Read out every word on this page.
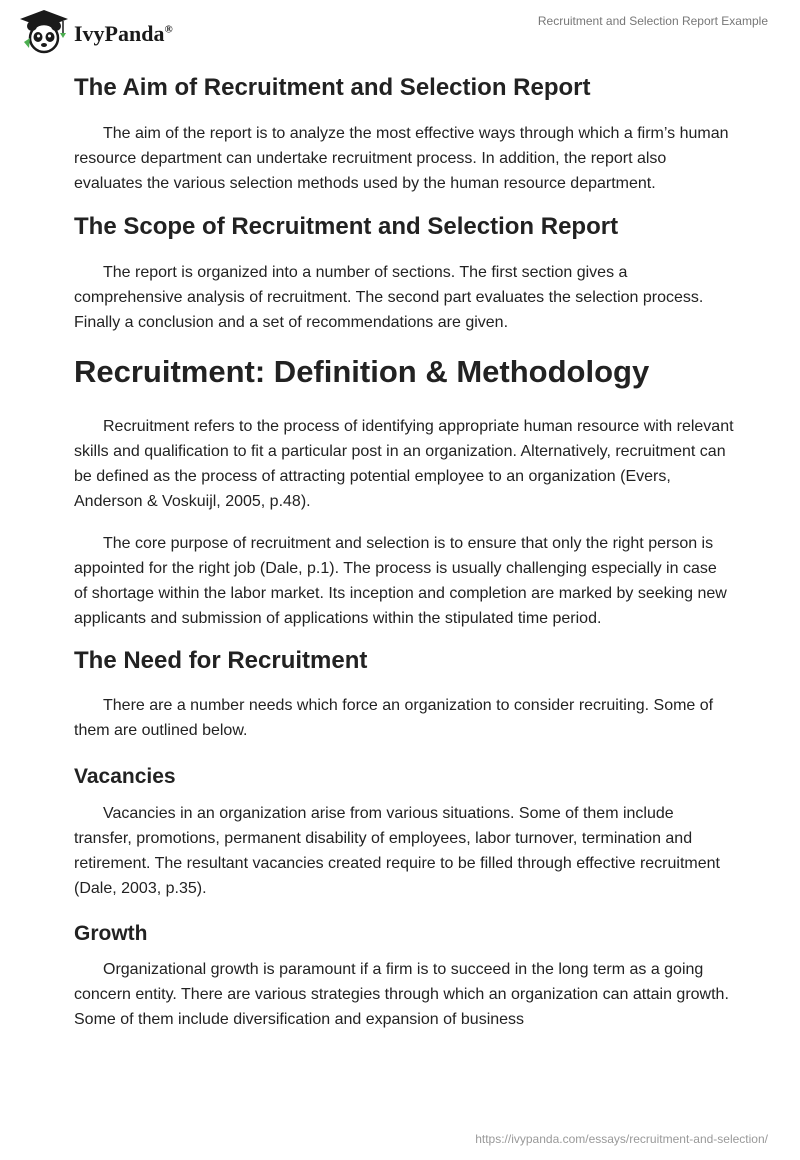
IvyPanda®
Recruitment and Selection Report Example
The Aim of Recruitment and Selection Report

The aim of the report is to analyze the most effective ways through which a firm’s human resource department can undertake recruitment process. In addition, the report also evaluates the various selection methods used by the human resource department.

The Scope of Recruitment and Selection Report

The report is organized into a number of sections. The first section gives a comprehensive analysis of recruitment. The second part evaluates the selection process. Finally a conclusion and a set of recommendations are given.

Recruitment: Definition & Methodology

Recruitment refers to the process of identifying appropriate human resource with relevant skills and qualification to fit a particular post in an organization. Alternatively, recruitment can be defined as the process of attracting potential employee to an organization (Evers, Anderson & Voskuijl, 2005, p.48).

The core purpose of recruitment and selection is to ensure that only the right person is appointed for the right job (Dale, p.1). The process is usually challenging especially in case of shortage within the labor market. Its inception and completion are marked by seeking new applicants and submission of applications within the stipulated time period.

The Need for Recruitment

There are a number needs which force an organization to consider recruiting. Some of them are outlined below.

Vacancies

Vacancies in an organization arise from various situations. Some of them include transfer, promotions, permanent disability of employees, labor turnover, termination and retirement. The resultant vacancies created require to be filled through effective recruitment (Dale, 2003, p.35).

Growth

Organizational growth is paramount if a firm is to succeed in the long term as a going concern entity. There are various strategies through which an organization can attain growth. Some of them include diversification and expansion of business

https://ivypanda.com/essays/recruitment-and-selection/
